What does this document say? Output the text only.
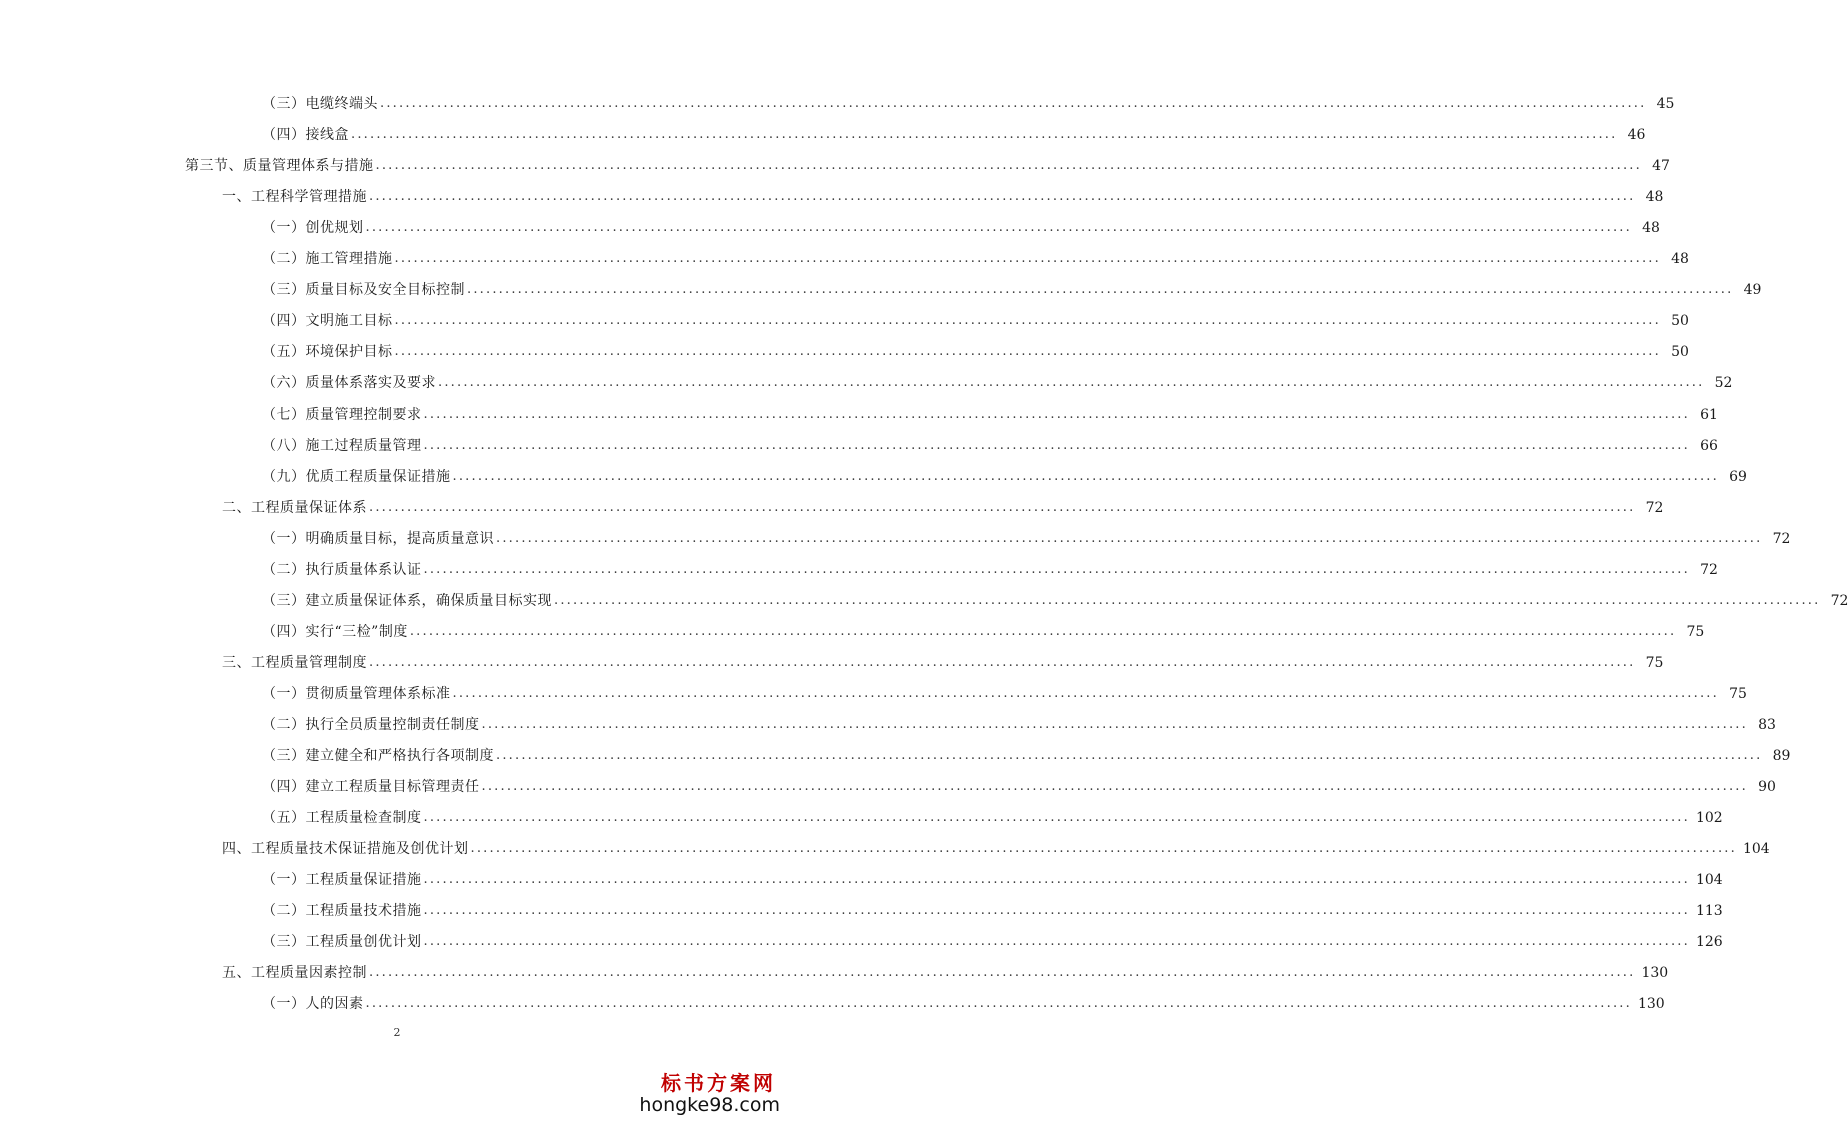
（三）电缆终端头 ........................................................................................................................................................................................................ 45
（四）接线盒 ........................................................................................................................................................................................................ 46
第三节、质量管理体系与措施 ........................................................................................................................................................................................................ 47
一、工程科学管理措施 ........................................................................................................................................................................................................ 48
（一）创优规划 ........................................................................................................................................................................................................ 48
（二）施工管理措施 ........................................................................................................................................................................................................ 48
（三）质量目标及安全目标控制 ........................................................................................................................................................................................................ 49
（四）文明施工目标 ........................................................................................................................................................................................................ 50
（五）环境保护目标 ........................................................................................................................................................................................................ 50
（六）质量体系落实及要求 ........................................................................................................................................................................................................ 52
（七）质量管理控制要求 ........................................................................................................................................................................................................ 61
（八）施工过程质量管理 ........................................................................................................................................................................................................ 66
（九）优质工程质量保证措施 ........................................................................................................................................................................................................ 69
二、工程质量保证体系 ........................................................................................................................................................................................................ 72
（一）明确质量目标，提高质量意识 ........................................................................................................................................................................................................ 72
（二）执行质量体系认证 ........................................................................................................................................................................................................ 72
（三）建立质量保证体系，确保质量目标实现 ........................................................................................................................................................................................................ 72
（四）实行“三检”制度 ........................................................................................................................................................................................................ 75
三、工程质量管理制度 ........................................................................................................................................................................................................ 75
（一）贯彻质量管理体系标准 ........................................................................................................................................................................................................ 75
（二）执行全员质量控制责任制度 ........................................................................................................................................................................................................ 83
（三）建立健全和严格执行各项制度 ........................................................................................................................................................................................................ 89
（四）建立工程质量目标管理责任 ........................................................................................................................................................................................................ 90
（五）工程质量检查制度 ........................................................................................................................................................................................................ 102
四、工程质量技术保证措施及创优计划 ........................................................................................................................................................................................................ 104
（一）工程质量保证措施 ........................................................................................................................................................................................................ 104
（二）工程质量技术措施 ........................................................................................................................................................................................................ 113
（三）工程质量创优计划 ........................................................................................................................................................................................................ 126
五、工程质量因素控制 ........................................................................................................................................................................................................ 130
（一）人的因素 ........................................................................................................................................................................................................ 130
2
标书方案网
hongke98.com
